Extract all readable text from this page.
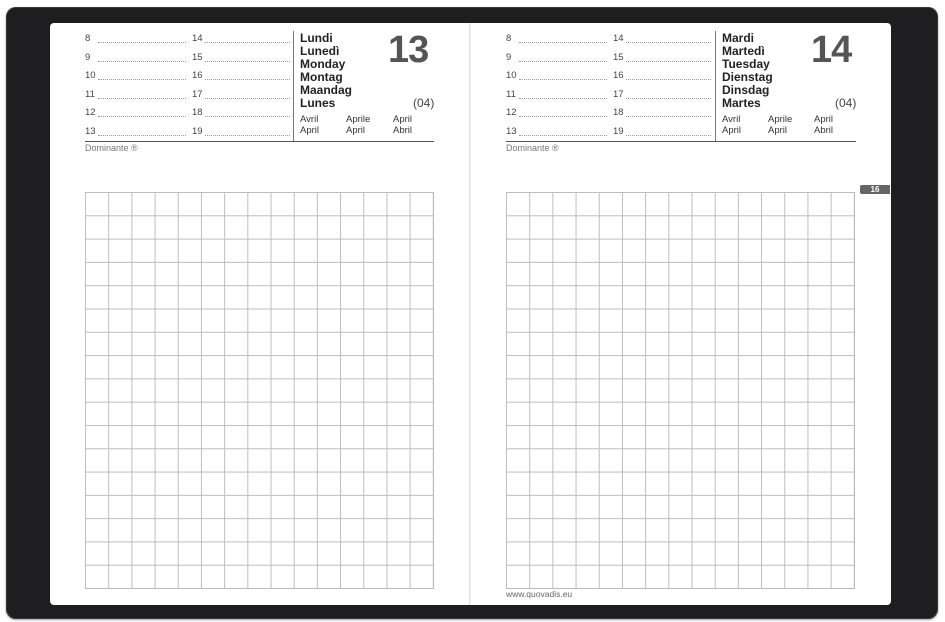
8
9
10
11
12
13
14
15
16
17
18
19
Lundi
Lunedì
Monday
Montag
Maandag
Lunes
13
(04)
Avril	Aprile April
April	April	Abril
Dominante ®
8
9
10
11
12
13
14
15
16
17
18
19
Mardi
Martedì
Tuesday
Dienstag
Dinsdag
Martes
14
(04)
Avril	Aprile April
April	April	Abril
Dominante ®
www.quovadis.eu
16
